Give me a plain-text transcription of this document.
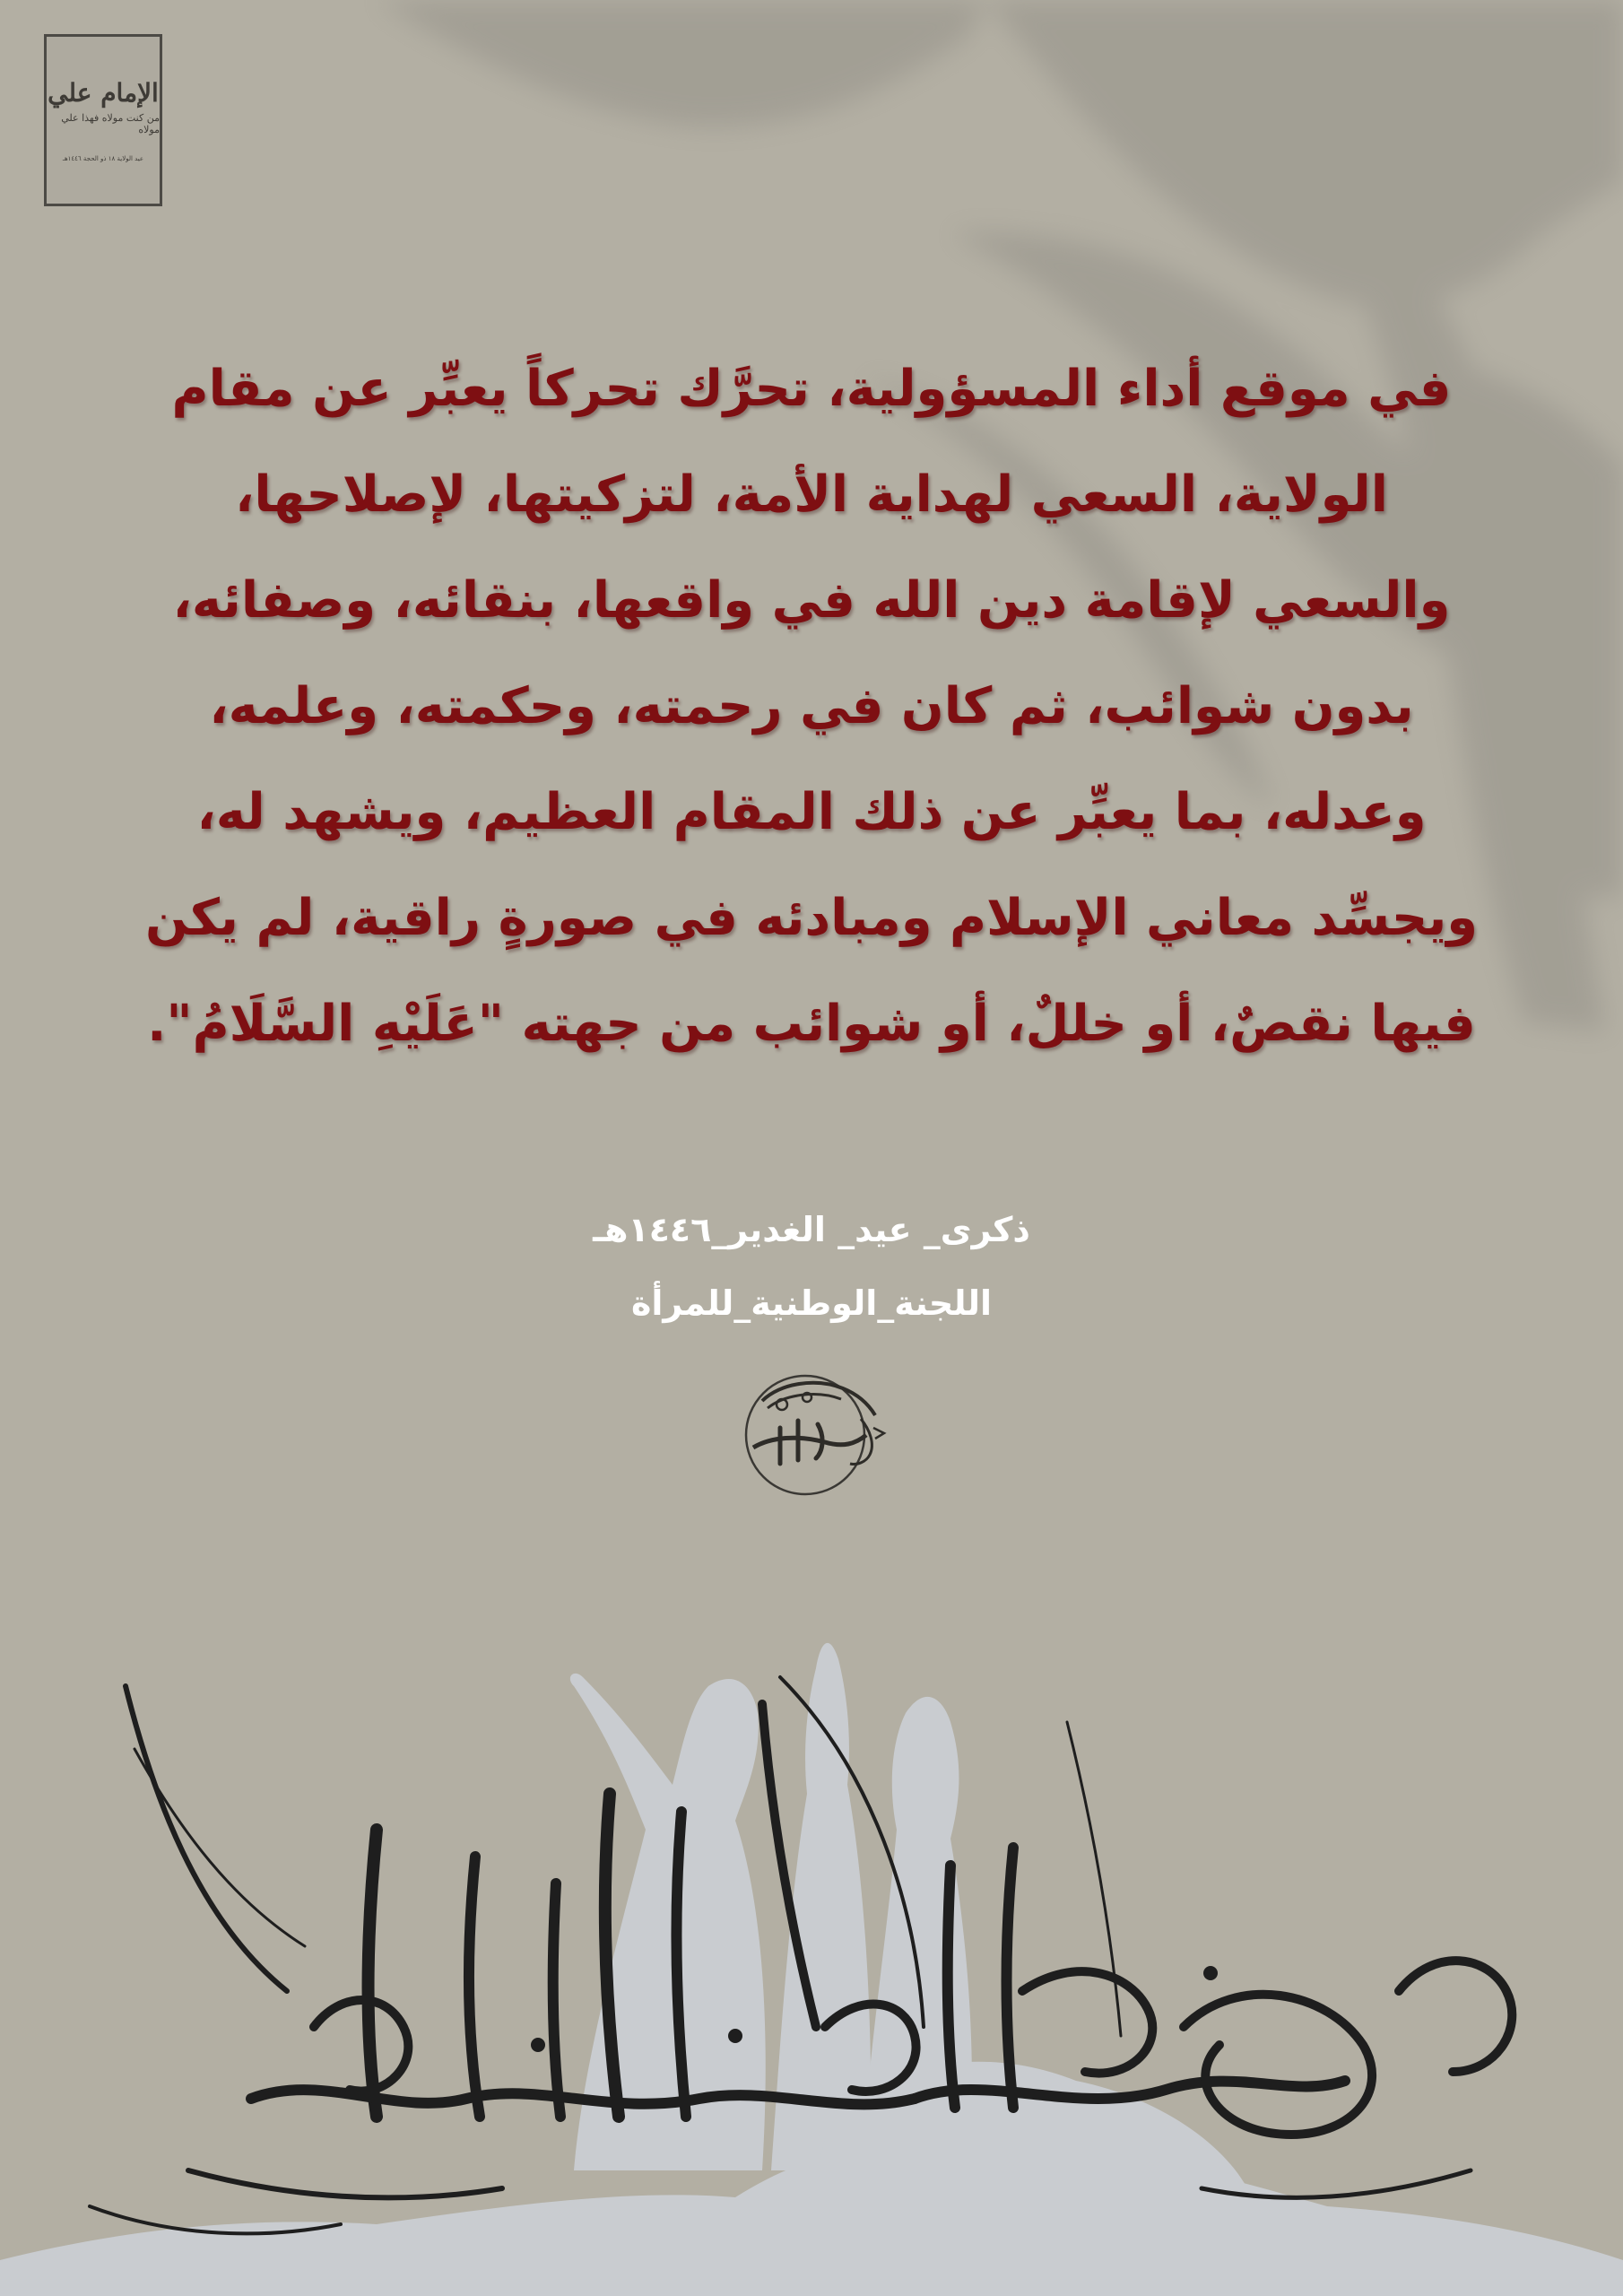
الإمام علي
من كنت مولاه فهذا علي مولاه
عيد الولاية ١٨ ذو الحجة ١٤٤٦هـ
في موقع أداء المسؤولية، تحرَّك تحركاً يعبِّر عن مقام
الولاية، السعي لهداية الأمة، لتزكيتها، لإصلاحها،
والسعي لإقامة دين الله في واقعها، بنقائه، وصفائه،
بدون شوائب، ثم كان في رحمته، وحكمته، وعلمه،
وعدله، بما يعبِّر عن ذلك المقام العظيم، ويشهد له،
ويجسِّد معاني الإسلام ومبادئه في صورةٍ راقية، لم يكن
فيها نقصٌ، أو خللٌ، أو شوائب من جهته "عَلَيْهِ السَّلَامُ".
ذكرى_ عيد_ الغدير_١٤٤٦هـ
اللجنة_الوطنية_للمرأة
